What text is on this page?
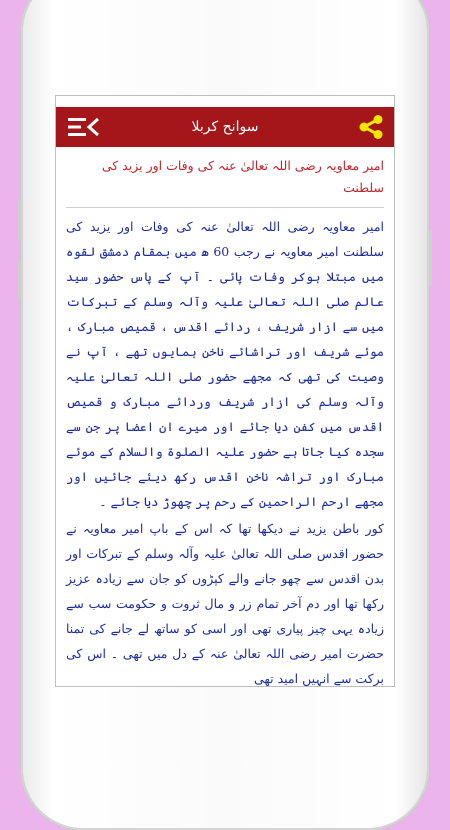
سوانح کربلا
امیر معاویہ رضی اللہ تعالیٰ عنہ کی وفات اور یزید کی سلطنت

امیر معاویہ رضی اللہ تعالیٰ عنہ کی وفات اور یزید کی سلطنت امیر معاویہ نے رجب 60 ھ میں بمقام دمشق لقوہ میں مبتلا ہوکر وفات پائی ۔ آپ کے پاس حضور سید عالم صلی اللہ تعالیٰ علیہ وآلہ وسلم کے تبرکات میں سے ازار شریف ، ردائے اقدس ، قمیص مبارک ، موئے شریف اور تراشائے ناخن ہمایوں تھے ، آپ نے وصیت کی تھی کہ مجھے حضور صلی اللہ تعالیٰ علیہ وآلہ وسلم کی ازار شریف وردائے مبارک و قمیص اقدس میں کفن دیا جائے اور میرے ان اعضا پر جن سے سجدہ کیا جاتا ہے حضور علیہ الصلوۃ والسلام کے موئے مبارک اور تراشہ ناخن اقدس رکھ دیئے جائیں اور مجھے ارحم الراحمین کے رحم پر چھوڑ دیا جائے ۔

کور باطن یزید نے دیکھا تھا کہ اس کے باپ امیر معاویہ نے حضور اقدس صلی اللہ تعالیٰ علیہ وآلہ وسلم کے تبرکات اور بدن اقدس سے چھو جانے والے کپڑوں کو جان سے زیادہ عزیز رکھا تھا اور دم آخر تمام زر و مال ثروت و حکومت سب سے زیادہ یہی چیز پیاری تھی اور اسی کو ساتھ لے جانے کی تمنا حضرت امیر رضی اللہ تعالیٰ عنہ کے دل میں تھی ۔ اس کی برکت سے انہیں امید تھی
